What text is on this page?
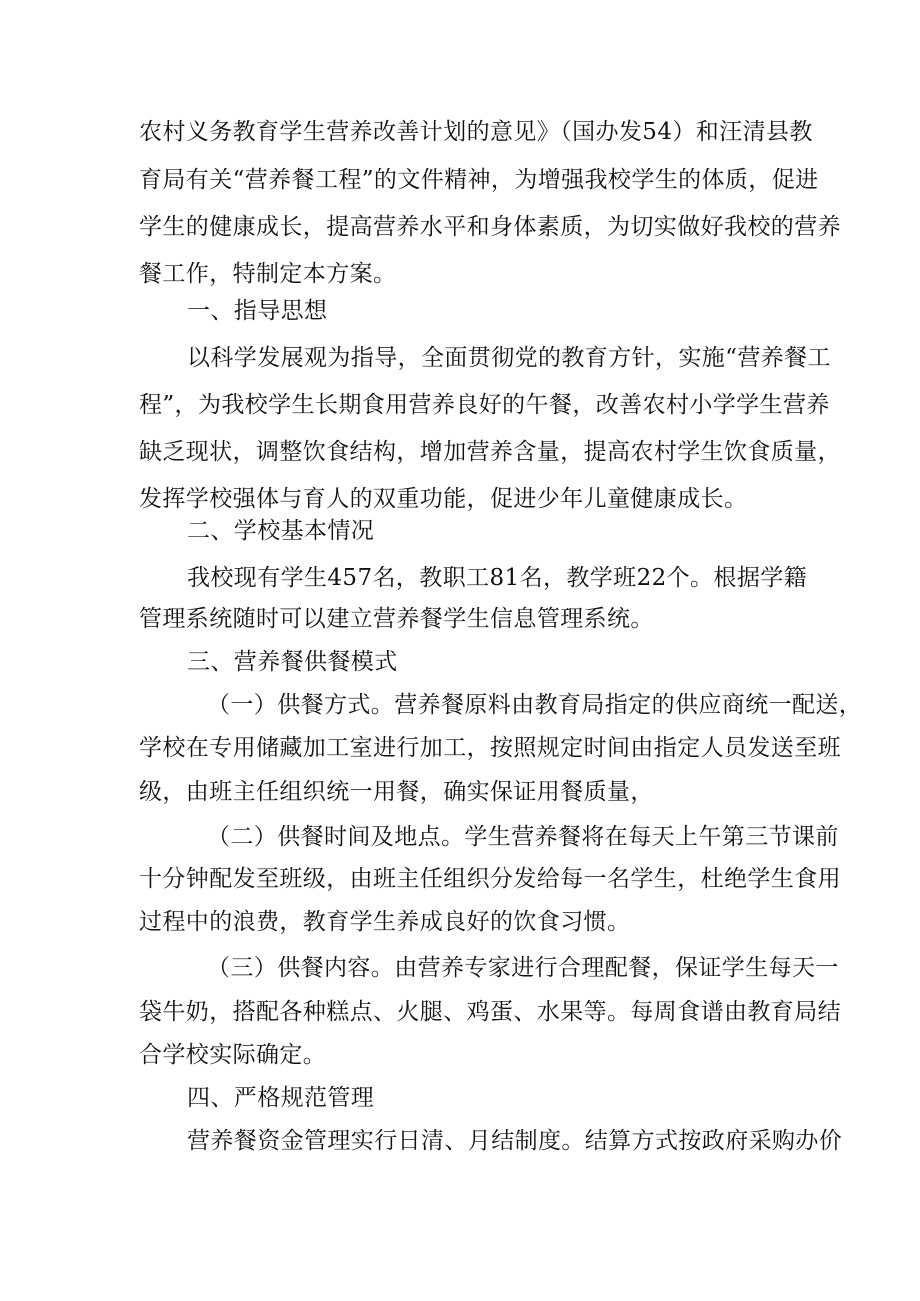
农村义务教育学生营养改善计划的意见》（国办发54）和汪清县教
育局有关“营养餐工程”的文件精神，为增强我校学生的体质，促进
学生的健康成长，提高营养水平和身体素质，为切实做好我校的营养
餐工作，特制定本方案。
一、指导思想
以科学发展观为指导，全面贯彻党的教育方针，实施“营养餐工
程”，为我校学生长期食用营养良好的午餐，改善农村小学学生营养
缺乏现状，调整饮食结构，增加营养含量，提高农村学生饮食质量，
发挥学校强体与育人的双重功能，促进少年儿童健康成长。
二、学校基本情况
我校现有学生457名，教职工81名，教学班22个。根据学籍
管理系统随时可以建立营养餐学生信息管理系统。
三、营养餐供餐模式
（一）供餐方式。营养餐原料由教育局指定的供应商统一配送，
学校在专用储藏加工室进行加工，按照规定时间由指定人员发送至班
级，由班主任组织统一用餐，确实保证用餐质量，
（二）供餐时间及地点。学生营养餐将在每天上午第三节课前
十分钟配发至班级，由班主任组织分发给每一名学生，杜绝学生食用
过程中的浪费，教育学生养成良好的饮食习惯。
（三）供餐内容。由营养专家进行合理配餐，保证学生每天一
袋牛奶，搭配各种糕点、火腿、鸡蛋、水果等。每周食谱由教育局结
合学校实际确定。
四、严格规范管理
营养餐资金管理实行日清、月结制度。结算方式按政府采购办价
